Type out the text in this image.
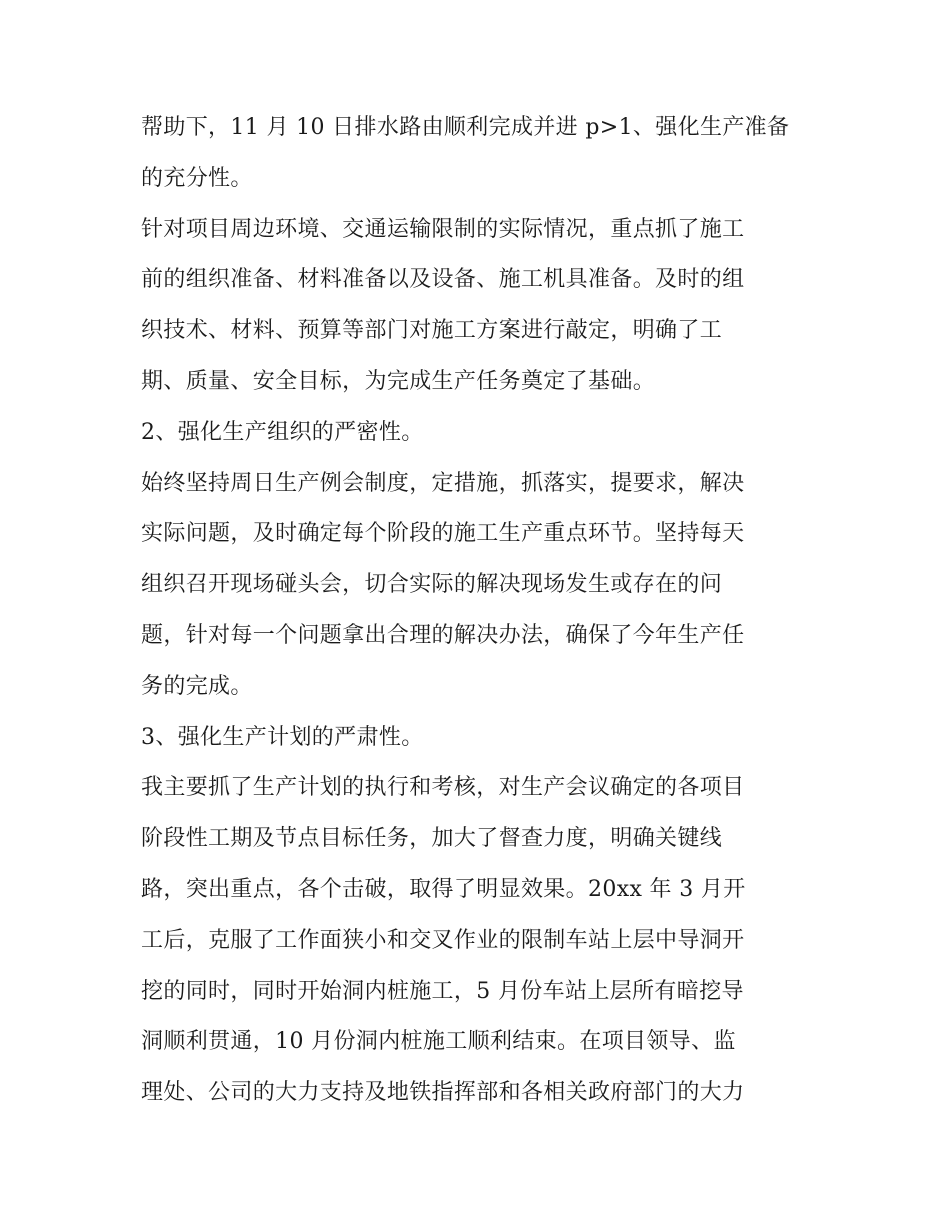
帮助下，11 月 10 日排水路由顺利完成并进 p>1、强化生产准备
的充分性。
针对项目周边环境、交通运输限制的实际情况，重点抓了施工
前的组织准备、材料准备以及设备、施工机具准备。及时的组
织技术、材料、预算等部门对施工方案进行敲定，明确了工
期、质量、安全目标，为完成生产任务奠定了基础。
2、强化生产组织的严密性。
始终坚持周日生产例会制度，定措施，抓落实，提要求，解决
实际问题，及时确定每个阶段的施工生产重点环节。坚持每天
组织召开现场碰头会，切合实际的解决现场发生或存在的问
题，针对每一个问题拿出合理的解决办法，确保了今年生产任
务的完成。
3、强化生产计划的严肃性。
我主要抓了生产计划的执行和考核，对生产会议确定的各项目
阶段性工期及节点目标任务，加大了督查力度，明确关键线
路，突出重点，各个击破，取得了明显效果。20xx 年 3 月开
工后，克服了工作面狭小和交叉作业的限制车站上层中导洞开
挖的同时，同时开始洞内桩施工，5 月份车站上层所有暗挖导
洞顺利贯通，10 月份洞内桩施工顺利结束。在项目领导、监
理处、公司的大力支持及地铁指挥部和各相关政府部门的大力
